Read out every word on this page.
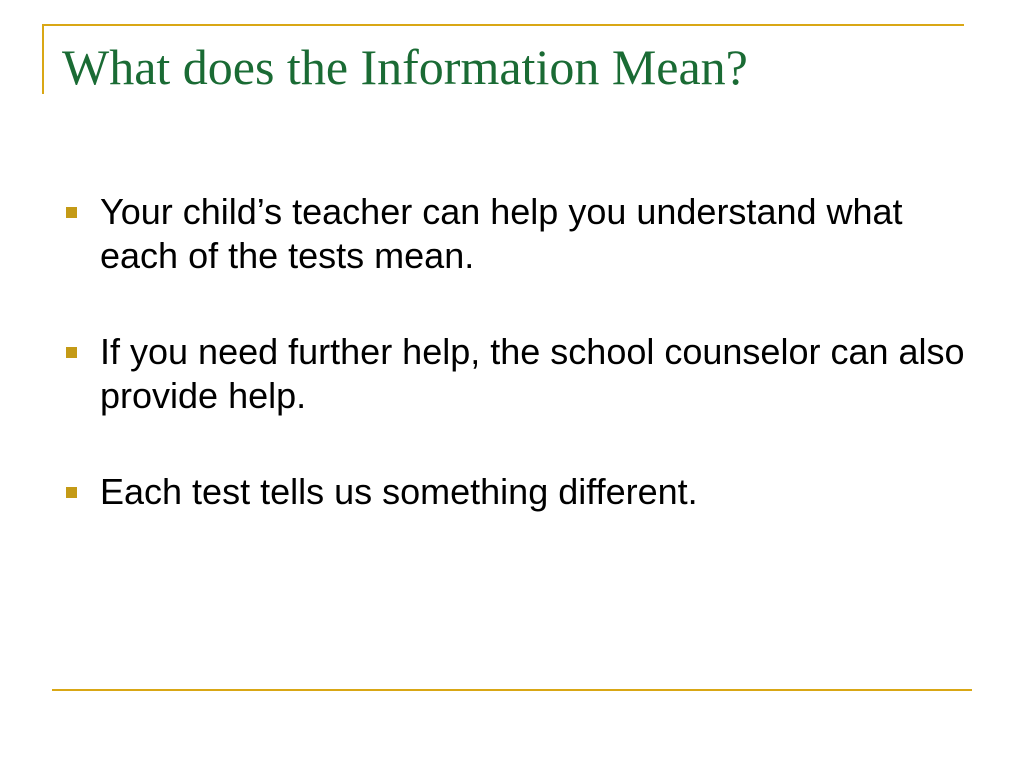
What does the Information Mean?
Your child’s teacher can help you understand what each of the tests mean.
If you need further help, the school counselor can also provide help.
Each test tells us something different.
